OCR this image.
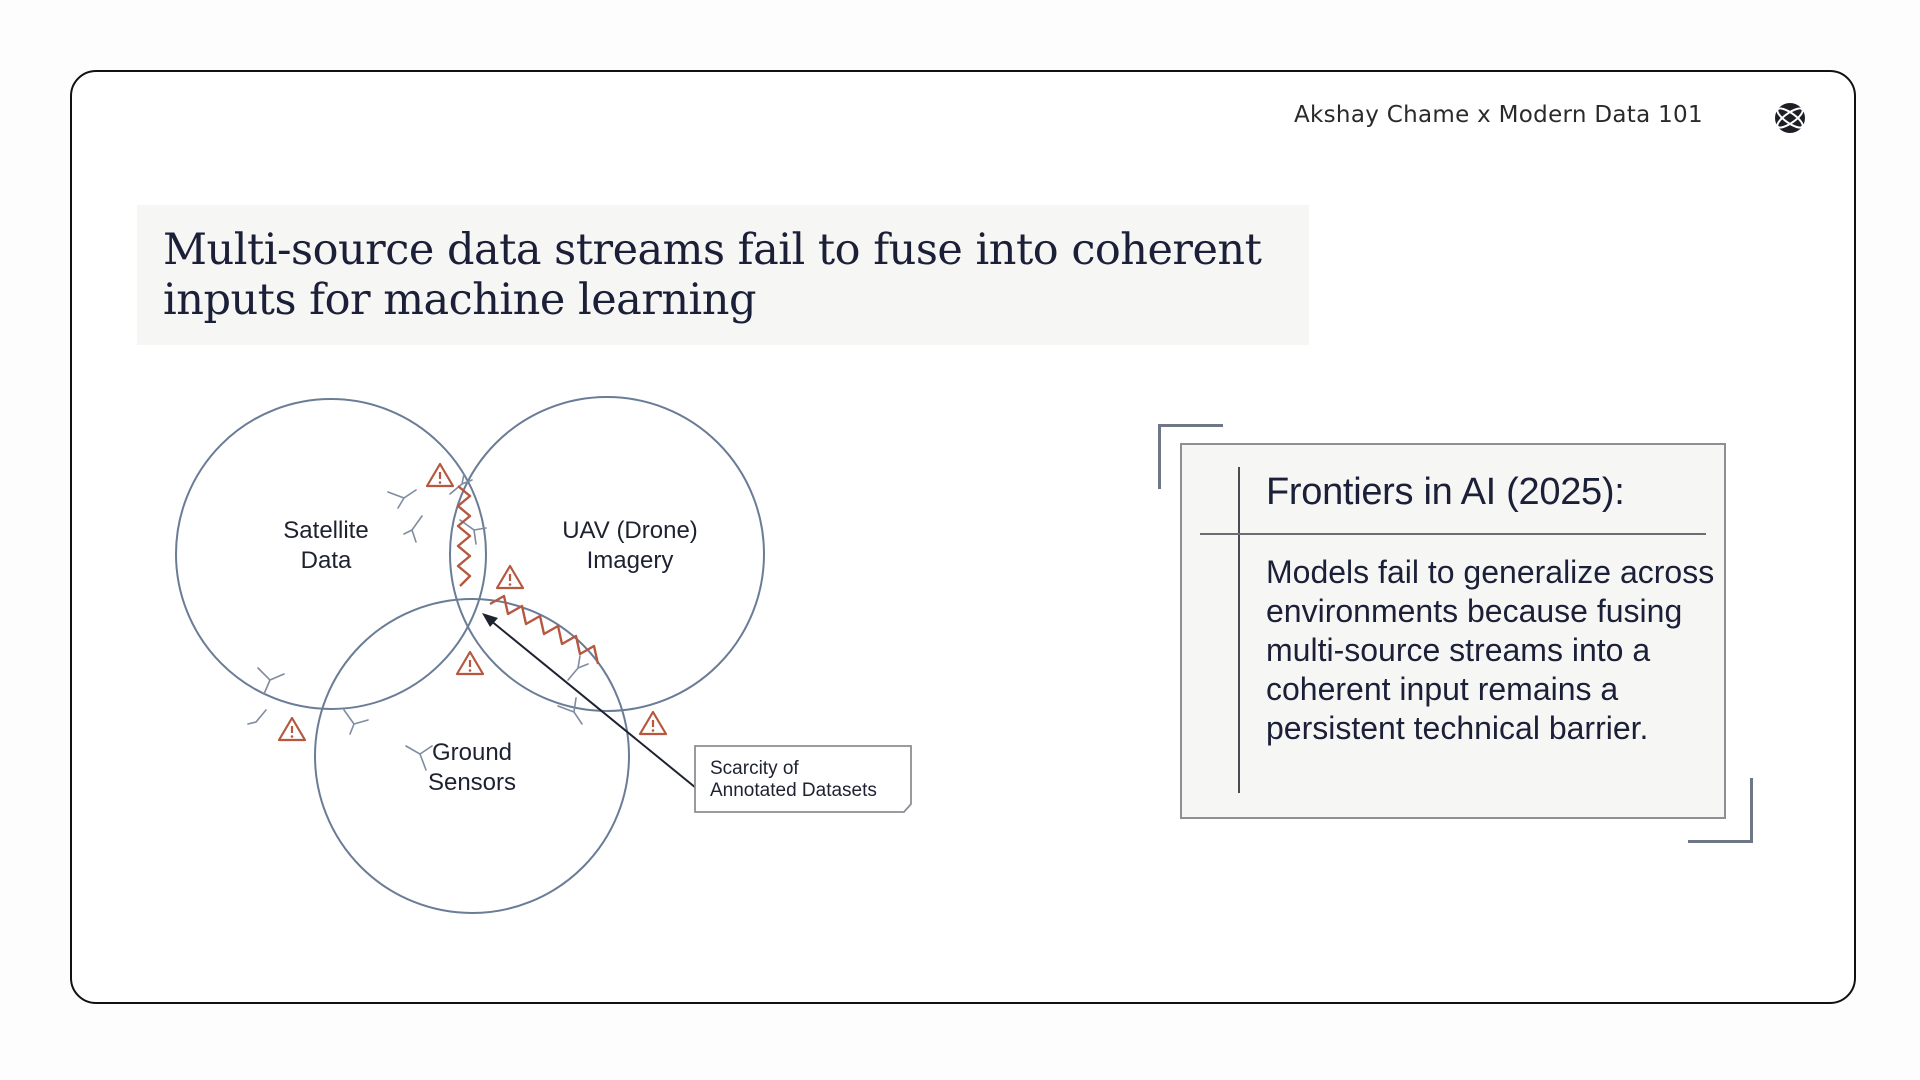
Akshay Chame x Modern Data 101
Multi-source data streams fail to fuse into coherent inputs for machine learning
Satellite
Data
UAV (Drone)
Imagery
Ground
Sensors
Scarcity of
Annotated Datasets
Frontiers in AI (2025):
Models fail to generalize across environments because fusing multi-source streams into a coherent input remains a persistent technical barrier.
